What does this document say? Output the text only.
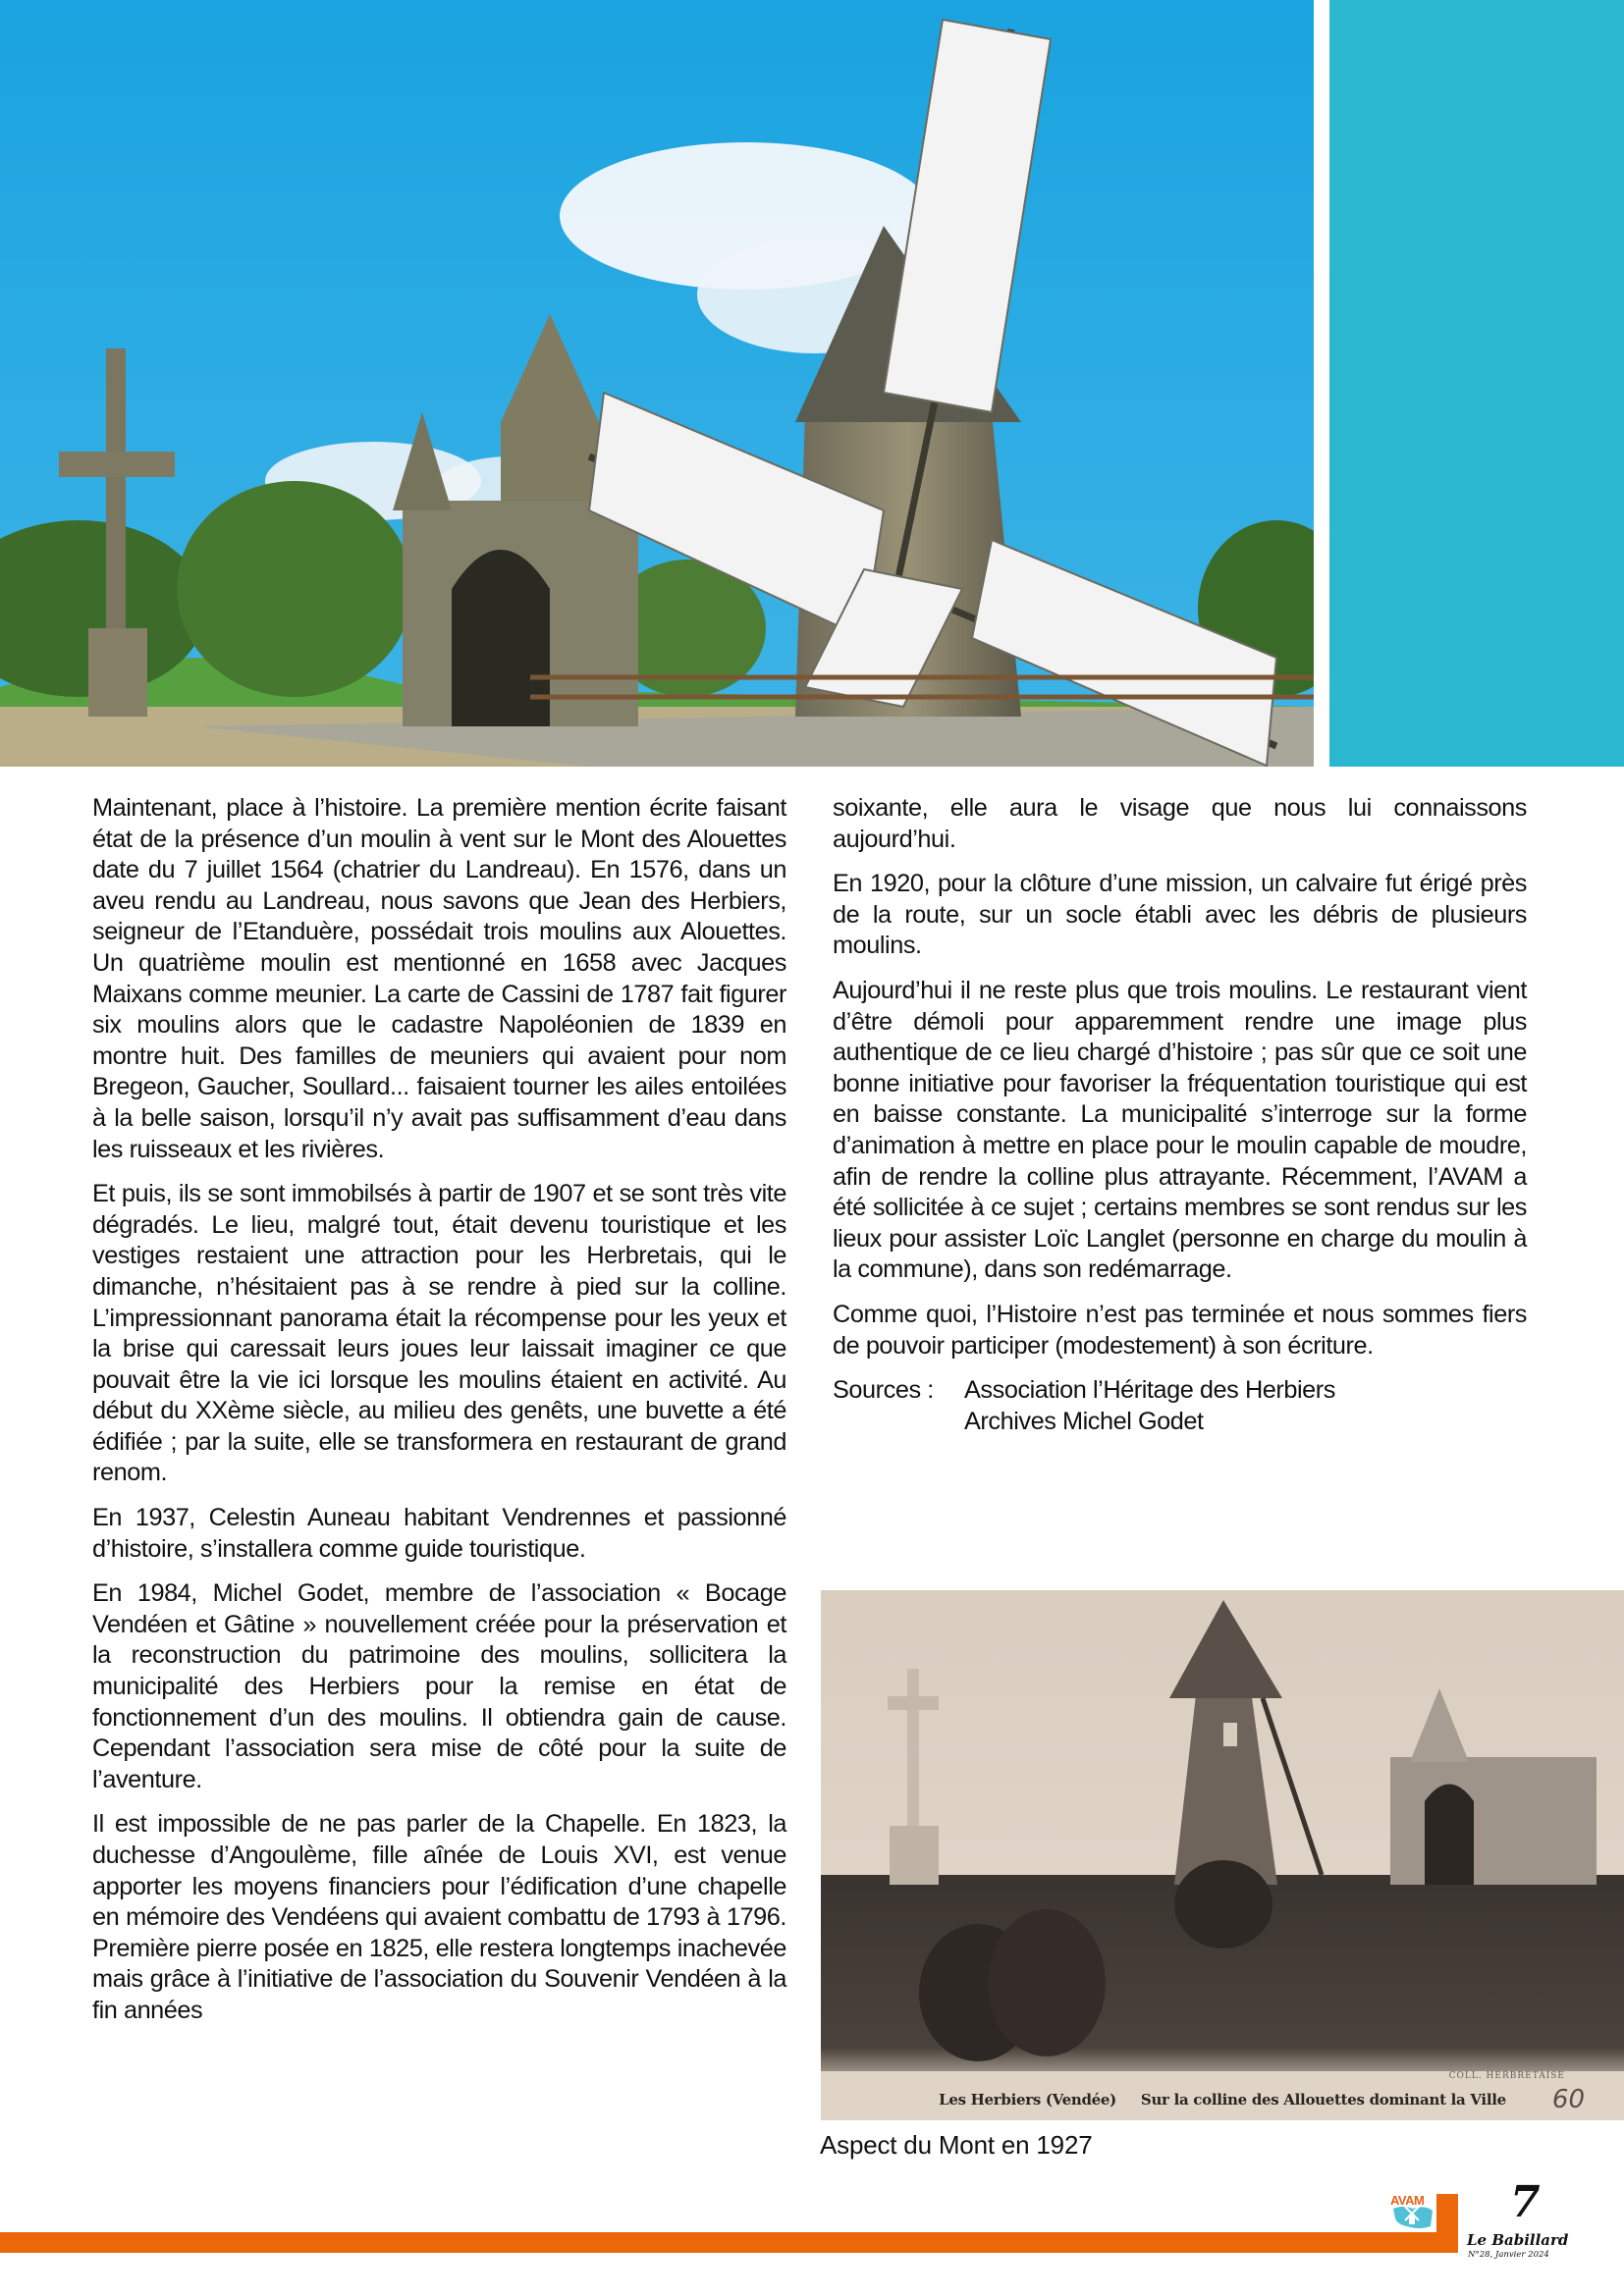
Maintenant, place à l’histoire. La première mention écrite faisant état de la présence d’un moulin à vent sur le Mont des Alouettes date du 7 juillet 1564 (chatrier du Landreau). En 1576, dans un aveu rendu au Landreau, nous savons que Jean des Herbiers, seigneur de l’Etanduère, possédait trois moulins aux Alouettes. Un quatrième moulin est mentionné en 1658 avec Jacques Maixans comme meunier. La carte de Cassini de 1787 fait figurer six moulins alors que le cadastre Napoléonien de 1839 en montre huit. Des familles de meuniers qui avaient pour nom Bregeon, Gaucher, Soullard... faisaient tourner les ailes entoilées à la belle saison, lorsqu’il n’y avait pas suffisamment d’eau dans les ruisseaux et les rivières.

Et puis, ils se sont immobilsés à partir de 1907 et se sont très vite dégradés. Le lieu, malgré tout, était devenu touristique et les vestiges restaient une attraction pour les Herbretais, qui le dimanche, n’hésitaient pas à se rendre à pied sur la colline. L’impressionnant panorama était la récompense pour les yeux et la brise qui caressait leurs joues leur laissait imaginer ce que pouvait être la vie ici lorsque les moulins étaient en activité. Au début du XXème siècle, au milieu des genêts, une buvette a été édifiée ; par la suite, elle se transformera en restaurant de grand renom.

En 1937, Celestin Auneau habitant Vendrennes et passionné d’histoire, s’installera comme guide touristique.

En 1984, Michel Godet, membre de l’association « Bocage Vendéen et Gâtine » nouvellement créée pour la préservation et la reconstruction du patrimoine des moulins, sollicitera la municipalité des Herbiers pour la remise en état de fonctionnement d’un des moulins. Il obtiendra gain de cause. Cependant l’association sera mise de côté pour la suite de l’aventure.

Il est impossible de ne pas parler de la Chapelle. En 1823, la duchesse d’Angoulème, fille aînée de Louis XVI, est venue apporter les moyens financiers pour l’édification d’une chapelle en mémoire des Vendéens qui avaient combattu de 1793 à 1796. Première pierre posée en 1825, elle restera longtemps inachevée mais grâce à l’initiative de l’association du Souvenir Vendéen à la fin années

soixante, elle aura le visage que nous lui connaissons aujourd’hui.

En 1920, pour la clôture d’une mission, un calvaire fut érigé près de la route, sur un socle établi avec les débris de plusieurs moulins.

Aujourd’hui il ne reste plus que trois moulins. Le restaurant vient d’être démoli pour apparemment rendre une image plus authentique de ce lieu chargé d’histoire ; pas sûr que ce soit une bonne initiative pour favoriser la fréquentation touristique qui est en baisse constante. La municipalité s’interroge sur la forme d’animation à mettre en place pour le moulin capable de moudre, afin de rendre la colline plus attrayante. Récemment, l’AVAM a été sollicitée à ce sujet ; certains membres se sont rendus sur les lieux pour assister Loïc Langlet (personne en charge du moulin à la commune), dans son redémarrage.

Comme quoi, l’Histoire n’est pas terminée et nous sommes fiers de pouvoir participer (modestement) à son écriture.

Sources :	Association l’Héritage des Herbiers
Archives Michel Godet
COLL. HERBRETAISE
Les Herbiers (Vendée) Sur la colline des Allouettes dominant la Ville	60
Aspect du Mont en 1927
AVAM 7
Le Babillard
N°28, Janvier 2024
